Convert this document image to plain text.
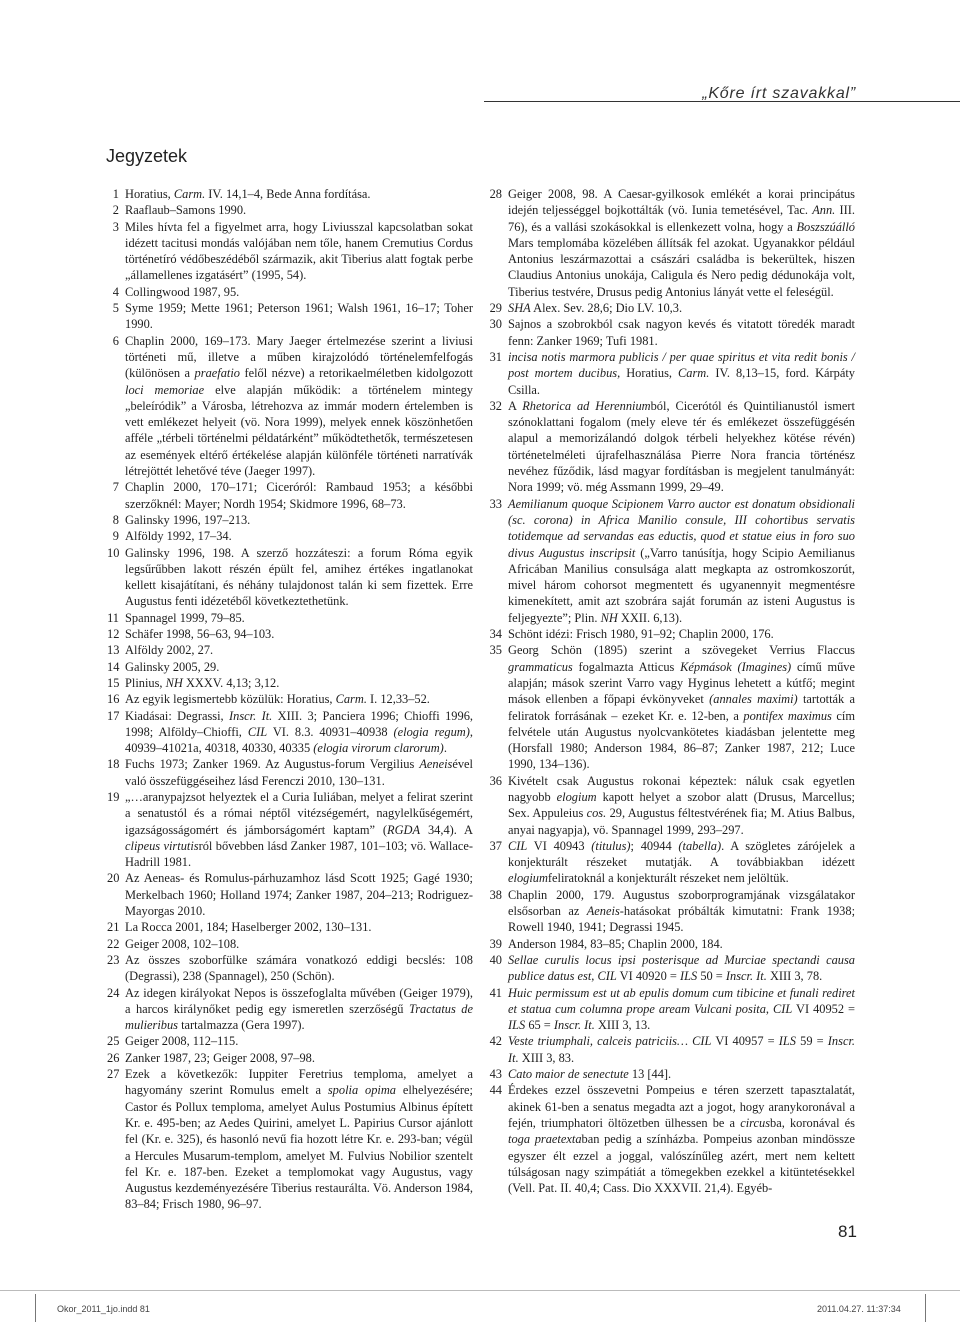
„Kőre írt szavakkal”
Jegyzetek
1 Horatius, Carm. IV. 14,1–4, Bede Anna fordítása.
2 Raaflaub–Samons 1990.
3 Miles hívta fel a figyelmet arra, hogy Liviusszal kapcsolatban sokat idézett tacitusi mondás valójában nem tőle, hanem Cremutius Cordus történetíró védőbeszédéből származik, akit Tiberius alatt fogtak perbe „államellenes izgatásért” (1995, 54).
4 Collingwood 1987, 95.
5 Syme 1959; Mette 1961; Peterson 1961; Walsh 1961, 16–17; Toher 1990.
6 Chaplin 2000, 169–173. Mary Jaeger értelmezése szerint a liviusi történeti mű, illetve a műben kirajzolódó történelemfelfogás (különösen a praefatio felől nézve) a retorikaelméletben kidolgozott loci memoriae elve alapján működik: a történelem mintegy „beleíródik” a Városba, létrehozva az immár modern értelemben is vett emlékezet helyeit (vö. Nora 1999), melyek ennek köszönhetően afféle „térbeli történelmi példatárként” működtethetők, természetesen az események eltérő értékelése alapján különféle történeti narratívák létrejöttét lehetővé téve (Jaeger 1997).
7 Chaplin 2000, 170–171; Ciceróról: Rambaud 1953; a későbbi szerzőknél: Mayer; Nordh 1954; Skidmore 1996, 68–73.
8 Galinsky 1996, 197–213.
9 Alföldy 1992, 17–34.
10 Galinsky 1996, 198. A szerző hozzáteszi: a forum Róma egyik legsűrűbben lakott részén épült fel, amihez értékes ingatlanokat kellett kisajátítani, és néhány tulajdonost talán ki sem fizettek. Erre Augustus fenti idézetéből következtethetünk.
11 Spannagel 1999, 79–85.
12 Schäfer 1998, 56–63, 94–103.
13 Alföldy 2002, 27.
14 Galinsky 2005, 29.
15 Plinius, NH XXXV. 4,13; 3,12.
16 Az egyik legismertebb közülük: Horatius, Carm. I. 12,33–52.
17 Kiadásai: Degrassi, Inscr. It. XIII. 3; Panciera 1996; Chioffi 1996, 1998; Alföldy–Chioffi, CIL VI. 8.3. 40931–40938 (elogia regum), 40939–41021a, 40318, 40330, 40335 (elogia virorum clarorum).
18 Fuchs 1973; Zanker 1969. Az Augustus-forum Vergilius Aeneisével való összefüggéseihez lásd Ferenczi 2010, 130–131.
19 „…aranypajzsot helyeztek el a Curia Iuliában, melyet a felirat szerint a senatustól és a római néptől vitézségemért, nagylelkűségemért, igazságosságomért és jámborságomért kaptam” (RGDA 34,4). A clipeus virtutisról bővebben lásd Zanker 1987, 101–103; vö. Wallace-Hadrill 1981.
20 Az Aeneas- és Romulus-párhuzamhoz lásd Scott 1925; Gagé 1930; Merkelbach 1960; Holland 1974; Zanker 1987, 204–213; Rodriguez-Mayorgas 2010.
21 La Rocca 2001, 184; Haselberger 2002, 130–131.
22 Geiger 2008, 102–108.
23 Az összes szoborfülke számára vonatkozó eddigi becslés: 108 (Degrassi), 238 (Spannagel), 250 (Schön).
24 Az idegen királyokat Nepos is összefoglalta művében (Geiger 1979), a harcos királynőket pedig egy ismeretlen szerzőségű Tractatus de mulieribus tartalmazza (Gera 1997).
25 Geiger 2008, 112–115.
26 Zanker 1987, 23; Geiger 2008, 97–98.
27 Ezek a következők: Iuppiter Feretrius temploma, amelyet a hagyomány szerint Romulus emelt a spolia opima elhelyezésére; Castor és Pollux temploma, amelyet Aulus Postumius Albinus épített Kr. e. 495-ben; az Aedes Quirini, amelyet L. Papirius Cursor ajánlott fel (Kr. e. 325), és hasonló nevű fia hozott létre Kr. e. 293-ban; végül a Hercules Musarum-templom, amelyet M. Fulvius Nobilior szentelt fel Kr. e. 187-ben. Ezeket a templomokat vagy Augustus, vagy Augustus kezdeményezésére Tiberius restaurálta. Vö. Anderson 1984, 83–84; Frisch 1980, 96–97.
28 Geiger 2008, 98. A Caesar-gyilkosok emlékét a korai principátus idején teljességgel bojkottálták (vö. Iunia temetésével, Tac. Ann. III. 76), és a vallási szokásokkal is ellenkezett volna, hogy a Boszszúálló Mars templomába közelében állítsák fel azokat. Ugyanakkor például Antonius leszármazottai a császári családba is bekerültek, hiszen Claudius Antonius unokája, Caligula és Nero pedig dédunokája volt, Tiberius testvére, Drusus pedig Antonius lányát vette el feleségül.
29 SHA Alex. Sev. 28,6; Dio LV. 10,3.
30 Sajnos a szobrokból csak nagyon kevés és vitatott töredék maradt fenn: Zanker 1969; Tufi 1981.
31 incisa notis marmora publicis / per quae spiritus et vita redit bonis / post mortem ducibus, Horatius, Carm. IV. 8,13–15, ford. Kárpáty Csilla.
32 A Rhetorica ad Herenniumból, Cicerótól és Quintilianustól ismert szónoklattani fogalom (mely eleve tér és emlékezet összefüggésén alapul a memorizálandó dolgok térbeli helyekhez kötése révén) történetelméleti újrafelhasználása Pierre Nora francia történész nevéhez fűződik, lásd magyar fordításban is megjelent tanulmányát: Nora 1999; vö. még Assmann 1999, 29–49.
33 Aemilianum quoque Scipionem Varro auctor est donatum obsidionali (sc. corona) in Africa Manilio consule, III cohortibus servatis totidemque ad servandas eas eductis, quod et statue eius in foro suo divus Augustus inscripsit („Varro tanúsítja, hogy Scipio Aemilianus Africában Manilius consulsága alatt megkapta az ostromkoszorút, mivel három cohorsot megmentett és ugyanennyit megmentésre kimenekített, amit azt szobrára saját forumán az isteni Augustus is feljegyezte”; Plin. NH XXII. 6,13).
34 Schönt idézi: Frisch 1980, 91–92; Chaplin 2000, 176.
35 Georg Schön (1895) szerint a szövegeket Verrius Flaccus grammaticus fogalmazta Atticus Képmások (Imagines) című műve alapján; mások szerint Varro vagy Hyginus lehetett a kútfő; megint mások ellenben a főpapi évkönyveket (annales maximi) tartották a feliratok forrásának – ezeket Kr. e. 12-ben, a pontifex maximus cím felvétele után Augustus nyolcvankötetes kiadásban jelentette meg (Horsfall 1980; Anderson 1984, 86–87; Zanker 1987, 212; Luce 1990, 134–136).
36 Kivételt csak Augustus rokonai képeztek: náluk csak egyetlen nagyobb elogium kapott helyet a szobor alatt (Drusus, Marcellus; Sex. Appuleius cos. 29, Augustus féltestvérének fia; M. Atius Balbus, anyai nagyapja), vö. Spannagel 1999, 293–297.
37 CIL VI 40943 (titulus); 40944 (tabella). A szögletes zárójelek a konjekturált részeket mutatják. A továbbiakban idézett elogiumfeliratoknál a konjekturált részeket nem jelöltük.
38 Chaplin 2000, 179. Augustus szoborprogramjának vizsgálatakor elsősorban az Aeneis-hatásokat próbálták kimutatni: Frank 1938; Rowell 1940, 1941; Degrassi 1945.
39 Anderson 1984, 83–85; Chaplin 2000, 184.
40 Sellae curulis locus ipsi posterisque ad Murciae spectandi causa publice datus est, CIL VI 40920 = ILS 50 = Inscr. It. XIII 3, 78.
41 Huic permissum est ut ab epulis domum cum tibicine et funali rediret et statua cum columna prope aream Vulcani posita, CIL VI 40952 = ILS 65 = Inscr. It. XIII 3, 13.
42 Veste triumphali, calceis patriciis… CIL VI 40957 = ILS 59 = Inscr. It. XIII 3, 83.
43 Cato maior de senectute 13 [44].
44 Érdekes ezzel összevetni Pompeius e téren szerzett tapasztalatát, akinek 61-ben a senatus megadta azt a jogot, hogy aranykoronával a fején, triumphatori öltözetben ülhessen be a circusba, koronával és toga praetextaban pedig a színházba. Pompeius azonban mindössze egyszer élt ezzel a joggal, valószínűleg azért, mert nem keltett túlságosan nagy szimpátiát a tömegekben ezekkel a kitüntetésekkel (Vell. Pat. II. 40,4; Cass. Dio XXXVII. 21,4). Egyéb-
81
Okor_2011_1jo.indd 81	2011.04.27. 11:37:34
